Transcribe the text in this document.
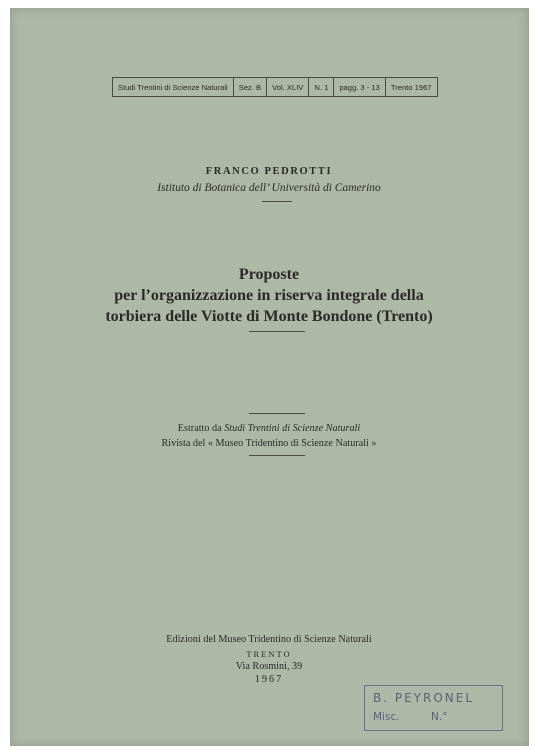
Studi Trentini di Scienze Naturali	Sez. B	Vol. XLIV	N. 1	pagg. 3 - 13	Trento 1967
FRANCO PEDROTTI
Istituto di Botanica dell’ Università di Camerino
Proposte
per l’organizzazione in riserva integrale della
torbiera delle Viotte di Monte Bondone (Trento)
Estratto da Studi Trentini di Scienze Naturali
Rivista del « Museo Tridentino di Scienze Naturali »
Edizioni del Museo Tridentino di Scienze Naturali
TRENTO
Via Rosmini, 39
1967
B. PEYRONEL
Misc.	N.°
